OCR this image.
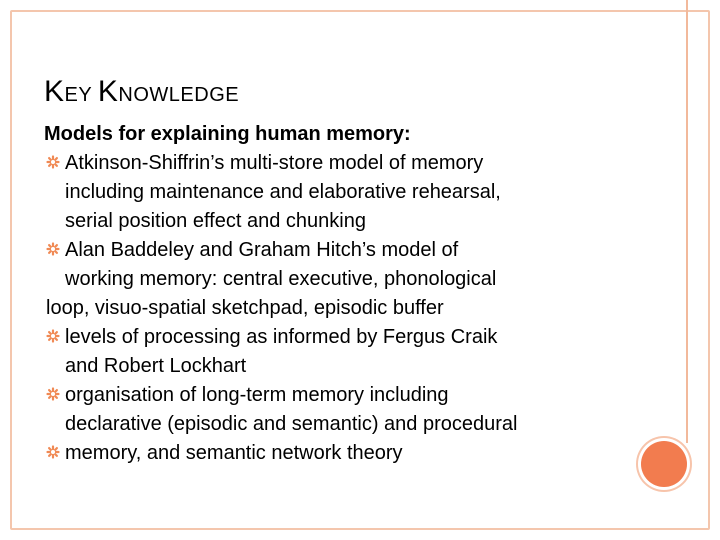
KEY KNOWLEDGE

Models for explaining human memory:

Atkinson-Shiffrin’s multi-store model of memory
including maintenance and elaborative rehearsal,
serial position effect and chunking
Alan Baddeley and Graham Hitch’s model of
working memory: central executive, phonological
loop, visuo-spatial sketchpad, episodic buffer
levels of processing as informed by Fergus Craik
and Robert Lockhart
organisation of long-term memory including
declarative (episodic and semantic) and procedural
memory, and semantic network theory
